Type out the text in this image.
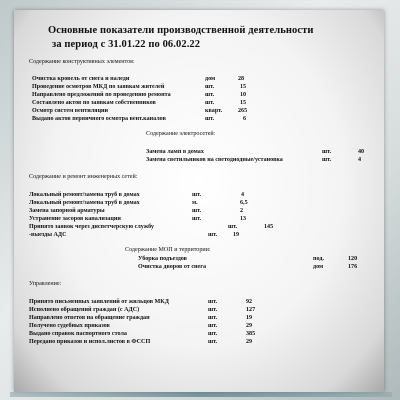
Основные показатели производственной деятельности
за период с 31.01.22 по 06.02.22
Содержание конструктивных элементов:
Очистка кровель от снега и наледи	дом	28
Проведение осмотров МКД по заявкам жителей	шт.	15
Направлено предложений по проведению ремонта	шт.	10
Составлено актов по заявкам собственников	шт.	15
Осмотр систем вентиляции	кварт.	265
Выдано актов первичного осмотра вент.каналов	шт.	6
Содержание электросетей:
Замена ламп в домах	шт.	40
Замена светильников на светодиодные/установка	шт.	4
Содержание и ремонт инженерных сетей:
Локальный ремонт/замена труб в домах	шт.	4
Локальный ремонт/замена труб в домах	м.	6,5
Замена запорной арматуры	шт.	2
Устранение засоров канализации	шт.	13
Принято заявок через диспетчерскую службу	шт.	145
-выезды АДС	шт.	19
Содержание МОП и территории:
Уборка подъездов	под.	120
Очистка дворов от снега	дом	176
Управление:
Принято письменных заявлений от жильцов МКД	шт.	92
Исполнено обращений граждан (с АДС)	шт.	127
Направлено ответов на обращение граждан	шт.	19
Получено судебных приказов	шт.	29
Выдано справок паспортного стола	шт.	385
Передано приказов и испол.листов в ФССП	шт.	29
